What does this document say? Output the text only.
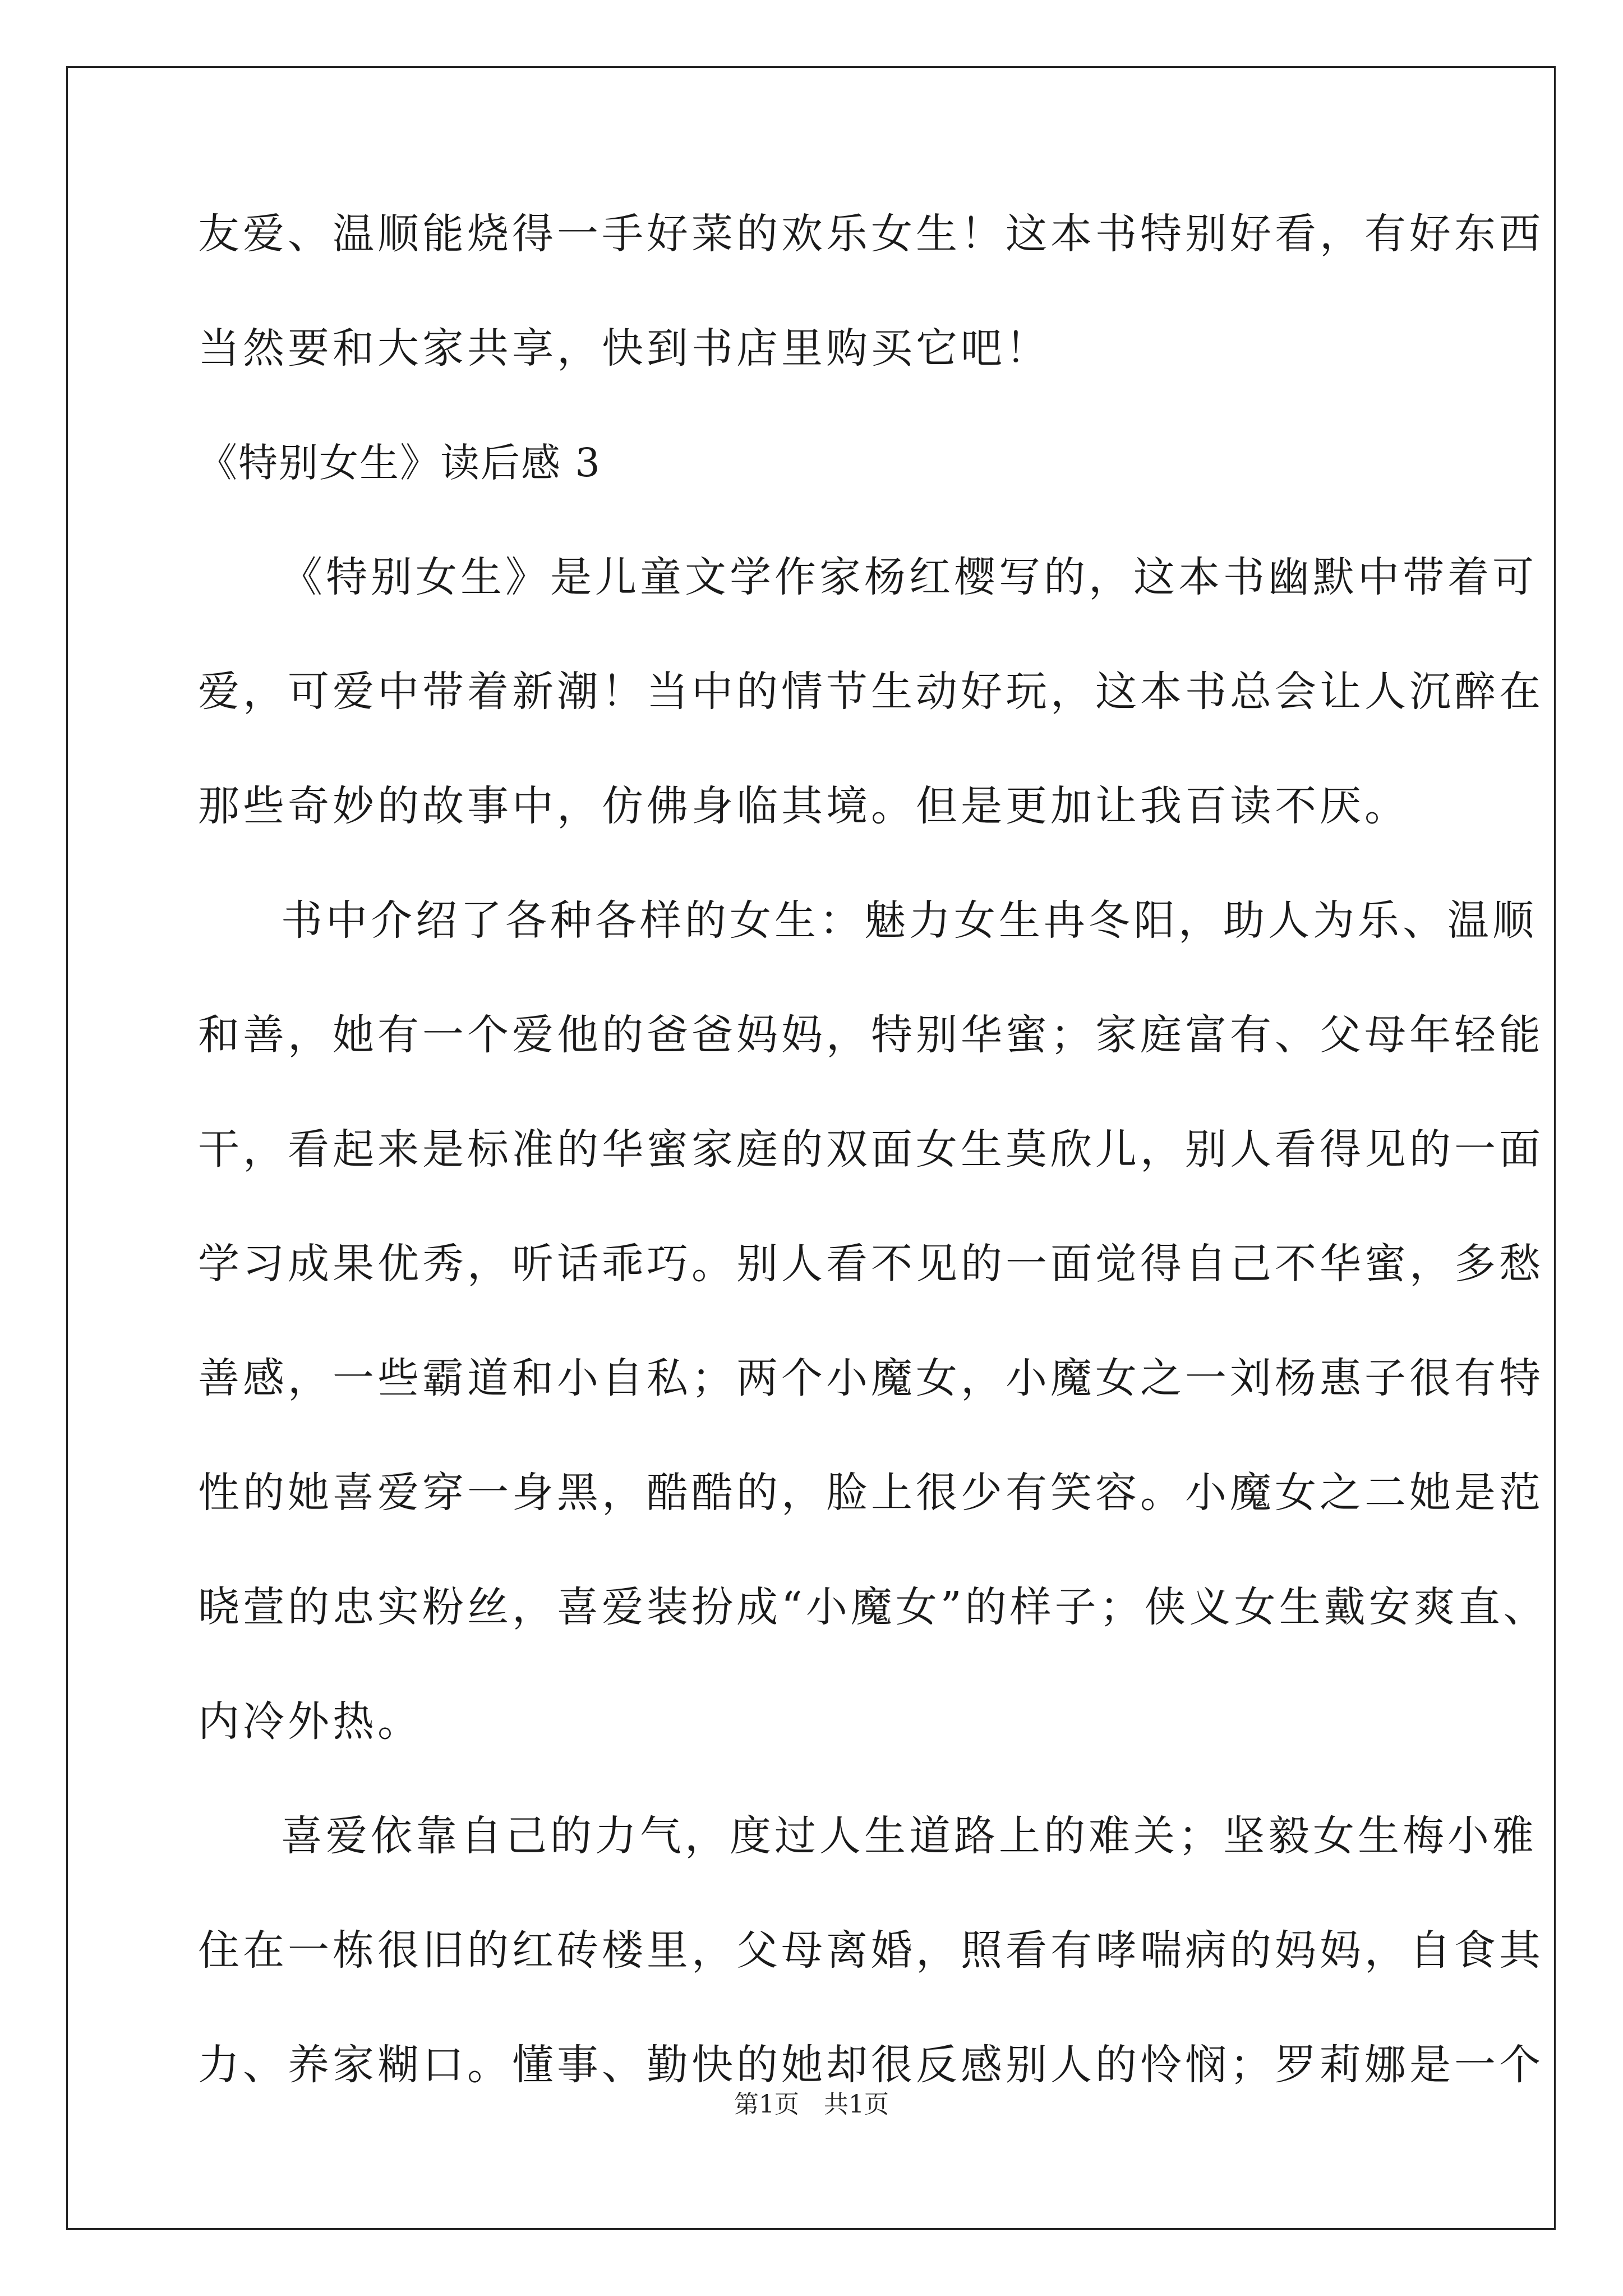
友爱、温顺能烧得一手好菜的欢乐女生！这本书特别好看，有好东西

当然要和大家共享，快到书店里购买它吧！

《特别女生》读后感 3

《特别女生》是儿童文学作家杨红樱写的，这本书幽默中带着可

爱，可爱中带着新潮！当中的情节生动好玩，这本书总会让人沉醉在

那些奇妙的故事中，仿佛身临其境。但是更加让我百读不厌。

书中介绍了各种各样的女生：魅力女生冉冬阳，助人为乐、温顺

和善，她有一个爱他的爸爸妈妈，特别华蜜；家庭富有、父母年轻能

干，看起来是标准的华蜜家庭的双面女生莫欣儿，别人看得见的一面

学习成果优秀，听话乖巧。别人看不见的一面觉得自己不华蜜，多愁

善感，一些霸道和小自私；两个小魔女，小魔女之一刘杨惠子很有特

性的她喜爱穿一身黑，酷酷的，脸上很少有笑容。小魔女之二她是范

晓萱的忠实粉丝，喜爱装扮成“小魔女”的样子；侠义女生戴安爽直、

内冷外热。

喜爱依靠自己的力气，度过人生道路上的难关；坚毅女生梅小雅

住在一栋很旧的红砖楼里，父母离婚，照看有哮喘病的妈妈，自食其

力、养家糊口。懂事、勤快的她却很反感别人的怜悯；罗莉娜是一个

第1页　共1页
